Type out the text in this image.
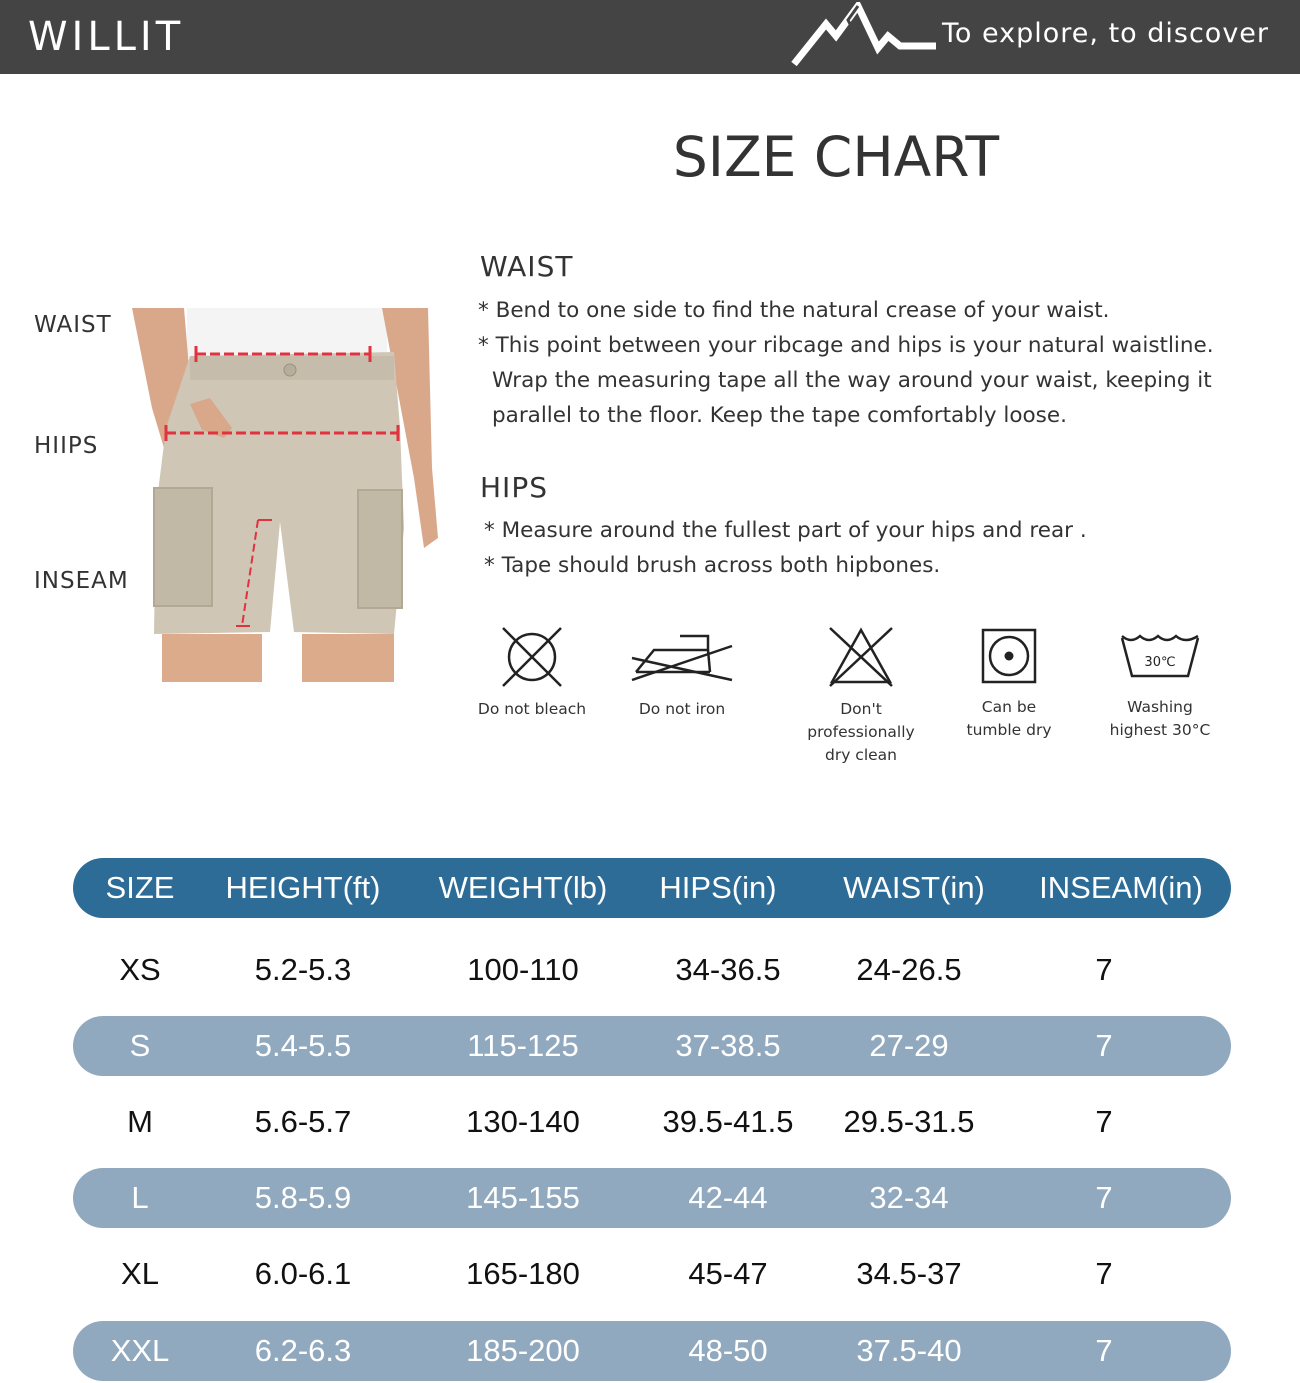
WILLIT	To explore, to discover
SIZE CHART
WAIST
HIIPS
INSEAM
WAIST
* Bend to one side to find the natural crease of your waist.
* This point between your ribcage and hips is your natural waistline.
Wrap the measuring tape all the way around your waist, keeping it
parallel to the floor. Keep the tape comfortably loose.
HIPS
* Measure around the fullest part of your hips and rear .
* Tape should brush across both hipbones.
Do not bleach	Do not iron	Don't professionally
dry clean
Can be
tumble dry
30℃
Washing
highest 30°C
SIZE	HEIGHT(ft)	WEIGHT(lb)	HIPS(in)	WAIST(in)	INSEAM(in)
XS	5.2-5.3	100-110	34-36.5	24-26.5	7
S	5.4-5.5	115-125	37-38.5	27-29	7
M	5.6-5.7	130-140	39.5-41.5	29.5-31.5	7
L	5.8-5.9	145-155	42-44	32-34	7
XL	6.0-6.1	165-180	45-47	34.5-37	7
XXL	6.2-6.3	185-200	48-50	37.5-40	7
